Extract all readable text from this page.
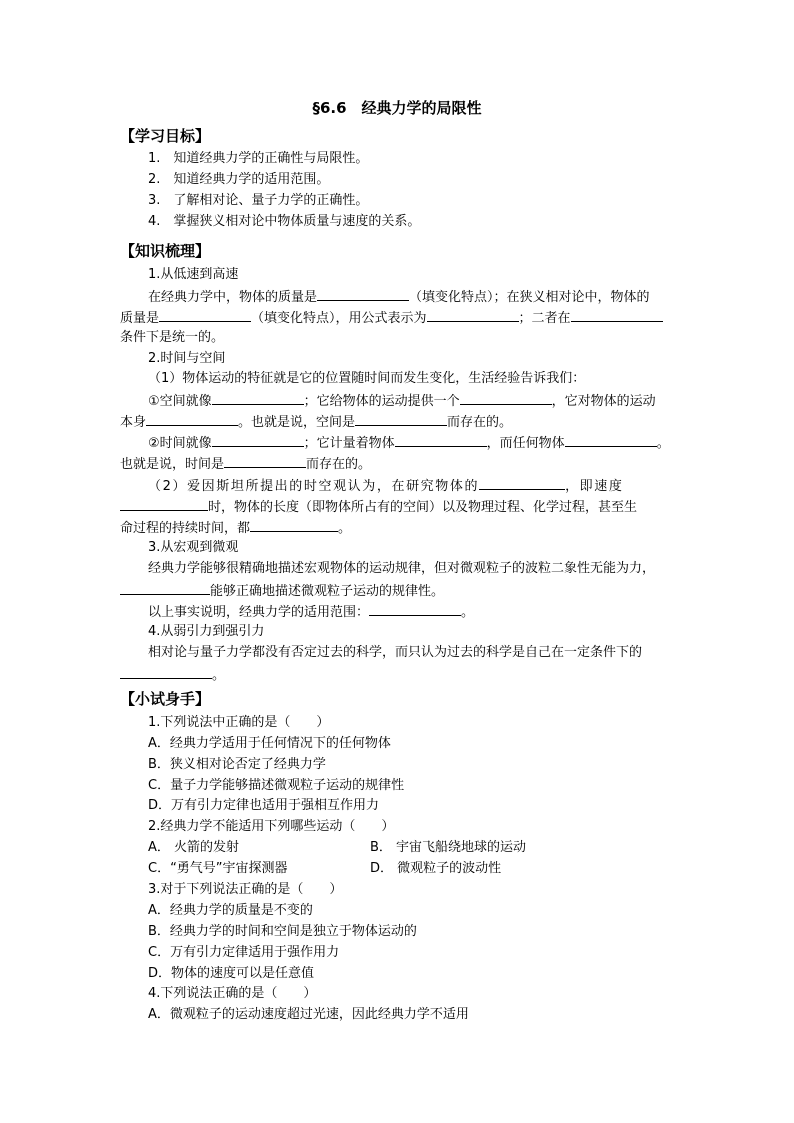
§6.6　经典力学的局限性
【学习目标】
1.　知道经典力学的正确性与局限性。
2.　知道经典力学的适用范围。
3.　了解相对论、量子力学的正确性。
4.　掌握狭义相对论中物体质量与速度的关系。
【知识梳理】
1.从低速到高速
在经典力学中，物体的质量是	（填变化特点）；在狭义相对论中，物体的
质量是	（填变化特点），用公式表示为	；二者在
条件下是统一的。
2.时间与空间
（1）物体运动的特征就是它的位置随时间而发生变化，生活经验告诉我们：
①空间就像	；它给物体的运动提供一个	，它对物体的运动
本身	。也就是说，空间是	而存在的。
②时间就像	；它计量着物体	，而任何物体	。
也就是说，时间是	而存在的。
（2）爱因斯坦所提出的时空观认为，在研究物体的	，即速度
时，物体的长度（即物体所占有的空间）以及物理过程、化学过程，甚至生
命过程的持续时间，都	。
3.从宏观到微观
经典力学能够很精确地描述宏观物体的运动规律，但对微观粒子的波粒二象性无能为力，
能够正确地描述微观粒子运动的规律性。
以上事实说明，经典力学的适用范围：	。
4.从弱引力到强引力
相对论与量子力学都没有否定过去的科学，而只认为过去的科学是自己在一定条件下的
。
【小试身手】
1.下列说法中正确的是（　　）
A．经典力学适用于任何情况下的任何物体
B．狭义相对论否定了经典力学
C．量子力学能够描述微观粒子运动的规律性
D．万有引力定律也适用于强相互作用力
2.经典力学不能适用下列哪些运动（　　）
A． 火箭的发射	B． 宇宙飞船绕地球的运动
C．“勇气号”宇宙探测器	D． 微观粒子的波动性
3.对于下列说法正确的是（　　）
A．经典力学的质量是不变的
B．经典力学的时间和空间是独立于物体运动的
C．万有引力定律适用于强作用力
D．物体的速度可以是任意值
4.下列说法正确的是（　　）
A．微观粒子的运动速度超过光速，因此经典力学不适用
